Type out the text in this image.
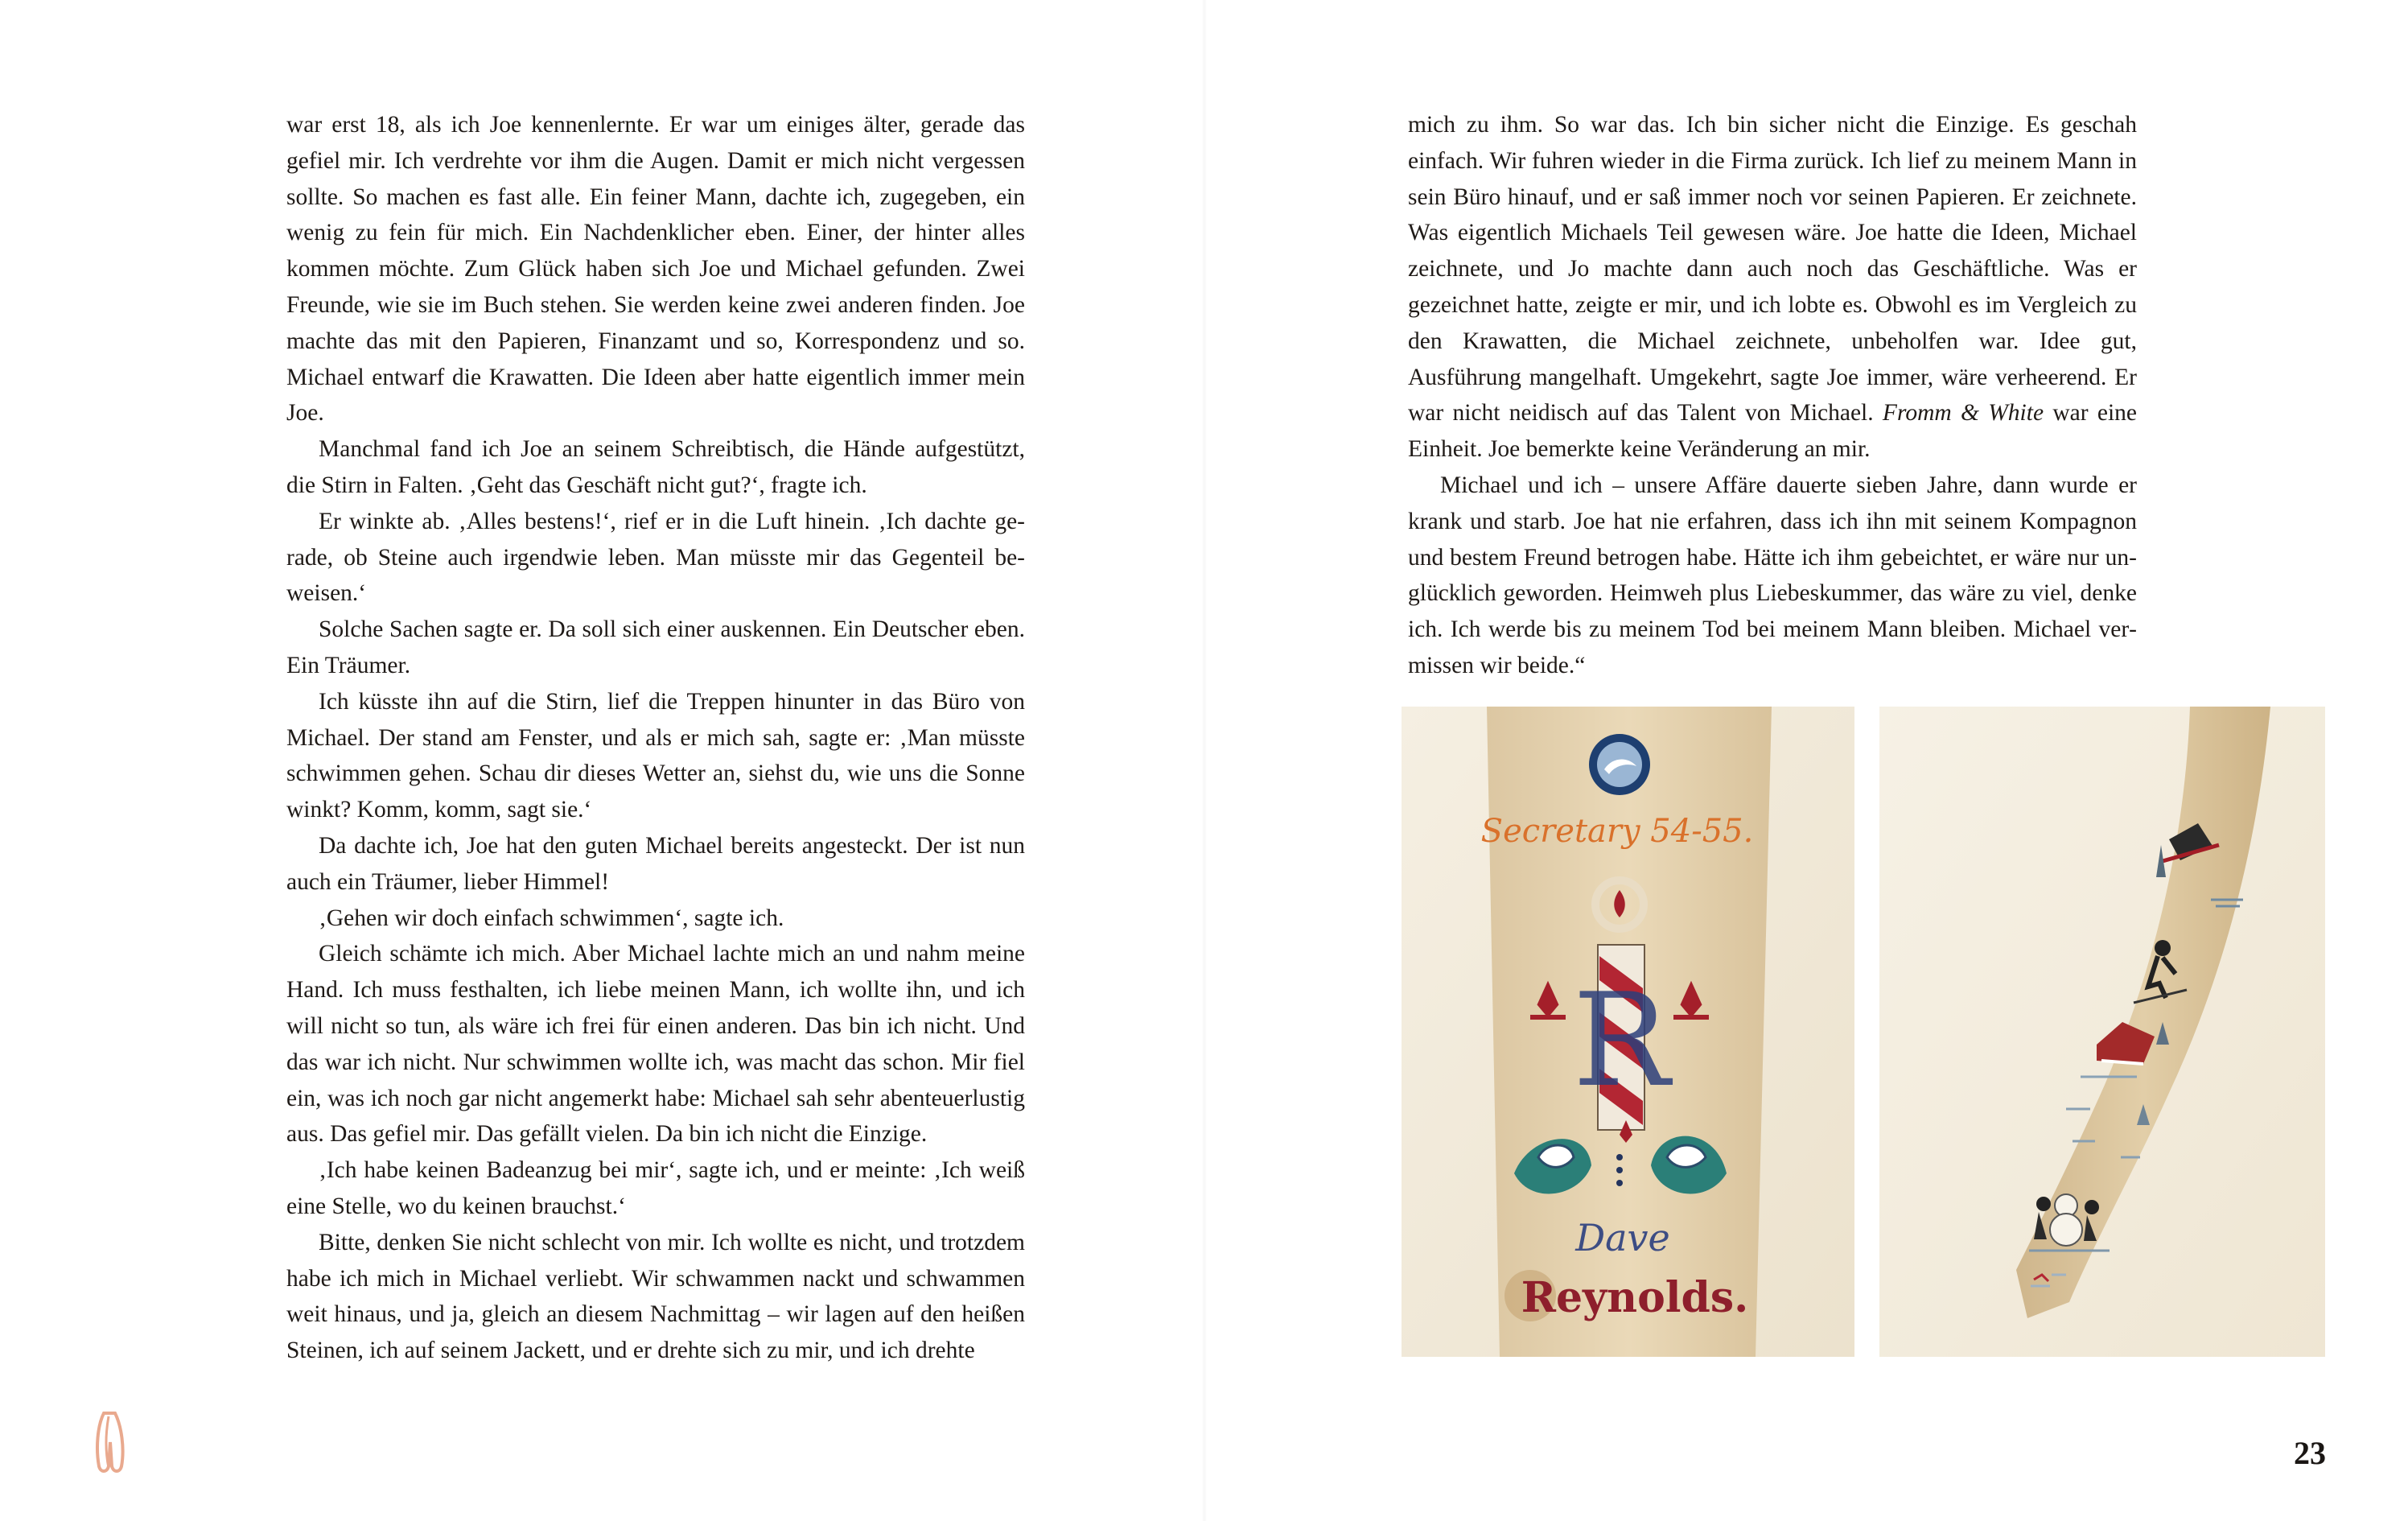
war erst 18, als ich Joe kennenlernte. Er war um einiges älter, gerade das gefiel mir. Ich verdrehte vor ihm die Augen. Damit er mich nicht vergessen sollte. So machen es fast alle. Ein feiner Mann, dachte ich, zugegeben, ein wenig zu fein für mich. Ein Nachdenklicher eben. Einer, der hinter alles kommen möchte. Zum Glück haben sich Joe und Michael gefunden. Zwei Freunde, wie sie im Buch stehen. Sie werden keine zwei anderen finden. Joe machte das mit den Papieren, Finanzamt und so, Korrespondenz und so. Michael entwarf die Krawatten. Die Ideen aber hatte eigentlich immer mein Joe.

Manchmal fand ich Joe an seinem Schreibtisch, die Hände aufgestützt, die Stirn in Falten. ‚Geht das Geschäft nicht gut?‘, fragte ich.

Er winkte ab. ‚Alles bestens!‘, rief er in die Luft hinein. ‚Ich dachte gerade, ob Steine auch irgendwie leben. Man müsste mir das Gegenteil beweisen.‘

Solche Sachen sagte er. Da soll sich einer auskennen. Ein Deutscher eben. Ein Träumer.

Ich küsste ihn auf die Stirn, lief die Treppen hinunter in das Büro von Michael. Der stand am Fenster, und als er mich sah, sagte er: ‚Man müsste schwimmen gehen. Schau dir dieses Wetter an, siehst du, wie uns die Sonne winkt? Komm, komm, sagt sie.‘

Da dachte ich, Joe hat den guten Michael bereits angesteckt. Der ist nun auch ein Träumer, lieber Himmel!

‚Gehen wir doch einfach schwimmen‘, sagte ich.

Gleich schämte ich mich. Aber Michael lachte mich an und nahm meine Hand. Ich muss festhalten, ich liebe meinen Mann, ich wollte ihn, und ich will nicht so tun, als wäre ich frei für einen anderen. Das bin ich nicht. Und das war ich nicht. Nur schwimmen wollte ich, was macht das schon. Mir fiel ein, was ich noch gar nicht angemerkt habe: Michael sah sehr abenteuerlustig aus. Das gefiel mir. Das gefällt vielen. Da bin ich nicht die Einzige.

‚Ich habe keinen Badeanzug bei mir‘, sagte ich, und er meinte: ‚Ich weiß eine Stelle, wo du keinen brauchst.‘

Bitte, denken Sie nicht schlecht von mir. Ich wollte es nicht, und trotzdem habe ich mich in Michael verliebt. Wir schwammen nackt und schwammen weit hinaus, und ja, gleich an diesem Nachmittag – wir lagen auf den heißen Steinen, ich auf seinem Jackett, und er drehte sich zu mir, und ich drehte

mich zu ihm. So war das. Ich bin sicher nicht die Einzige. Es geschah einfach. Wir fuhren wieder in die Firma zurück. Ich lief zu meinem Mann in sein Büro hinauf, und er saß immer noch vor seinen Papieren. Er zeichnete. Was eigentlich Michaels Teil gewesen wäre. Joe hatte die Ideen, Michael zeichnete, und Jo machte dann auch noch das Geschäftliche. Was er gezeichnet hatte, zeigte er mir, und ich lobte es. Obwohl es im Vergleich zu den Krawatten, die Michael zeichnete, unbeholfen war. Idee gut, Ausführung mangelhaft. Umgekehrt, sagte Joe immer, wäre verheerend. Er war nicht neidisch auf das Talent von Michael. Fromm & White war eine Einheit. Joe bemerkte keine Veränderung an mir.

Michael und ich – unsere Affäre dauerte sieben Jahre, dann wurde er krank und starb. Joe hat nie erfahren, dass ich ihn mit seinem Kompagnon und bestem Freund betrogen habe. Hätte ich ihm gebeichtet, er wäre nur unglücklich geworden. Heimweh plus Liebeskummer, das wäre zu viel, denke ich. Ich werde bis zu meinem Tod bei meinem Mann bleiben. Michael vermissen wir beide.“

Secretary 54-55.
R
Dave
Reynolds.
23
